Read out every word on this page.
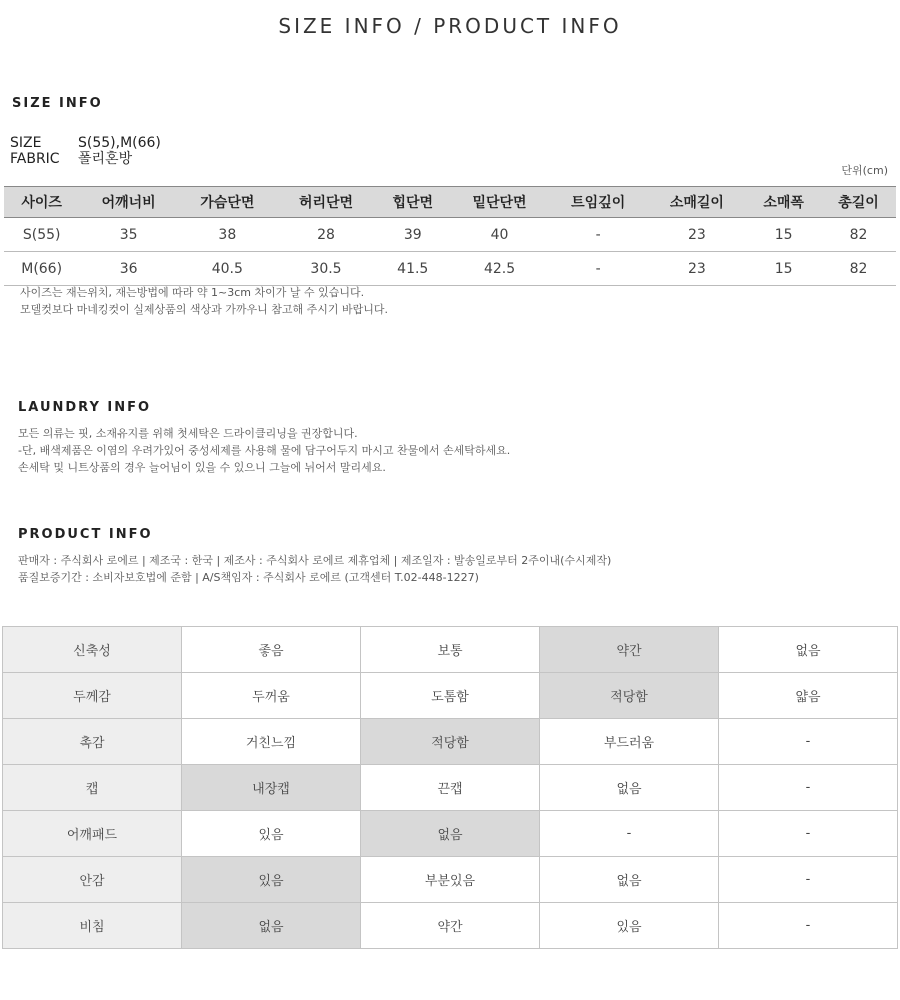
SIZE INFO / PRODUCT INFO
SIZE INFO
SIZE	S(55),M(66)
FABRIC 폴리혼방
단위(cm)
사이즈	어깨너비	가슴단면	허리단면	힙단면	밑단단면	트임깊이	소매길이	소매폭	총길이
S(55)	35	38	28	39	40	-	23	15	82
M(66)	36	40.5	30.5	41.5	42.5	-	23	15	82
사이즈는 재는위치, 재는방법에 따라 약 1~3cm 차이가 날 수 있습니다.
모델컷보다 마네킹컷이 실제상품의 색상과 가까우니 참고해 주시기 바랍니다.
LAUNDRY INFO
모든 의류는 핏, 소재유지를 위해 첫세탁은 드라이클리닝을 권장합니다.
-단, 배색제품은 이염의 우려가있어 중성세제를 사용해 물에 담구어두지 마시고 찬물에서 손세탁하세요.
손세탁 및 니트상품의 경우 늘어님이 있을 수 있으니 그늘에 뉘어서 말리세요.
PRODUCT INFO
판매자 : 주식회사 로에르 | 제조국 : 한국 | 제조사 : 주식회사 로에르 제휴업체 | 제조일자 : 발송일로부터 2주이내(수시제작)
품질보증기간 : 소비자보호법에 준함 | A/S책임자 : 주식회사 로에르 (고객센터 T.02-448-1227)
신축성	좋음	보통	약간	없음
두께감	두꺼움	도톰함	적당함	얇음
촉감	거친느낌	적당함	부드러움	-
캡	내장캡	끈캡	없음	-
어깨패드	있음	없음	-	-
안감	있음	부분있음	없음	-
비침	없음	약간	있음	-
